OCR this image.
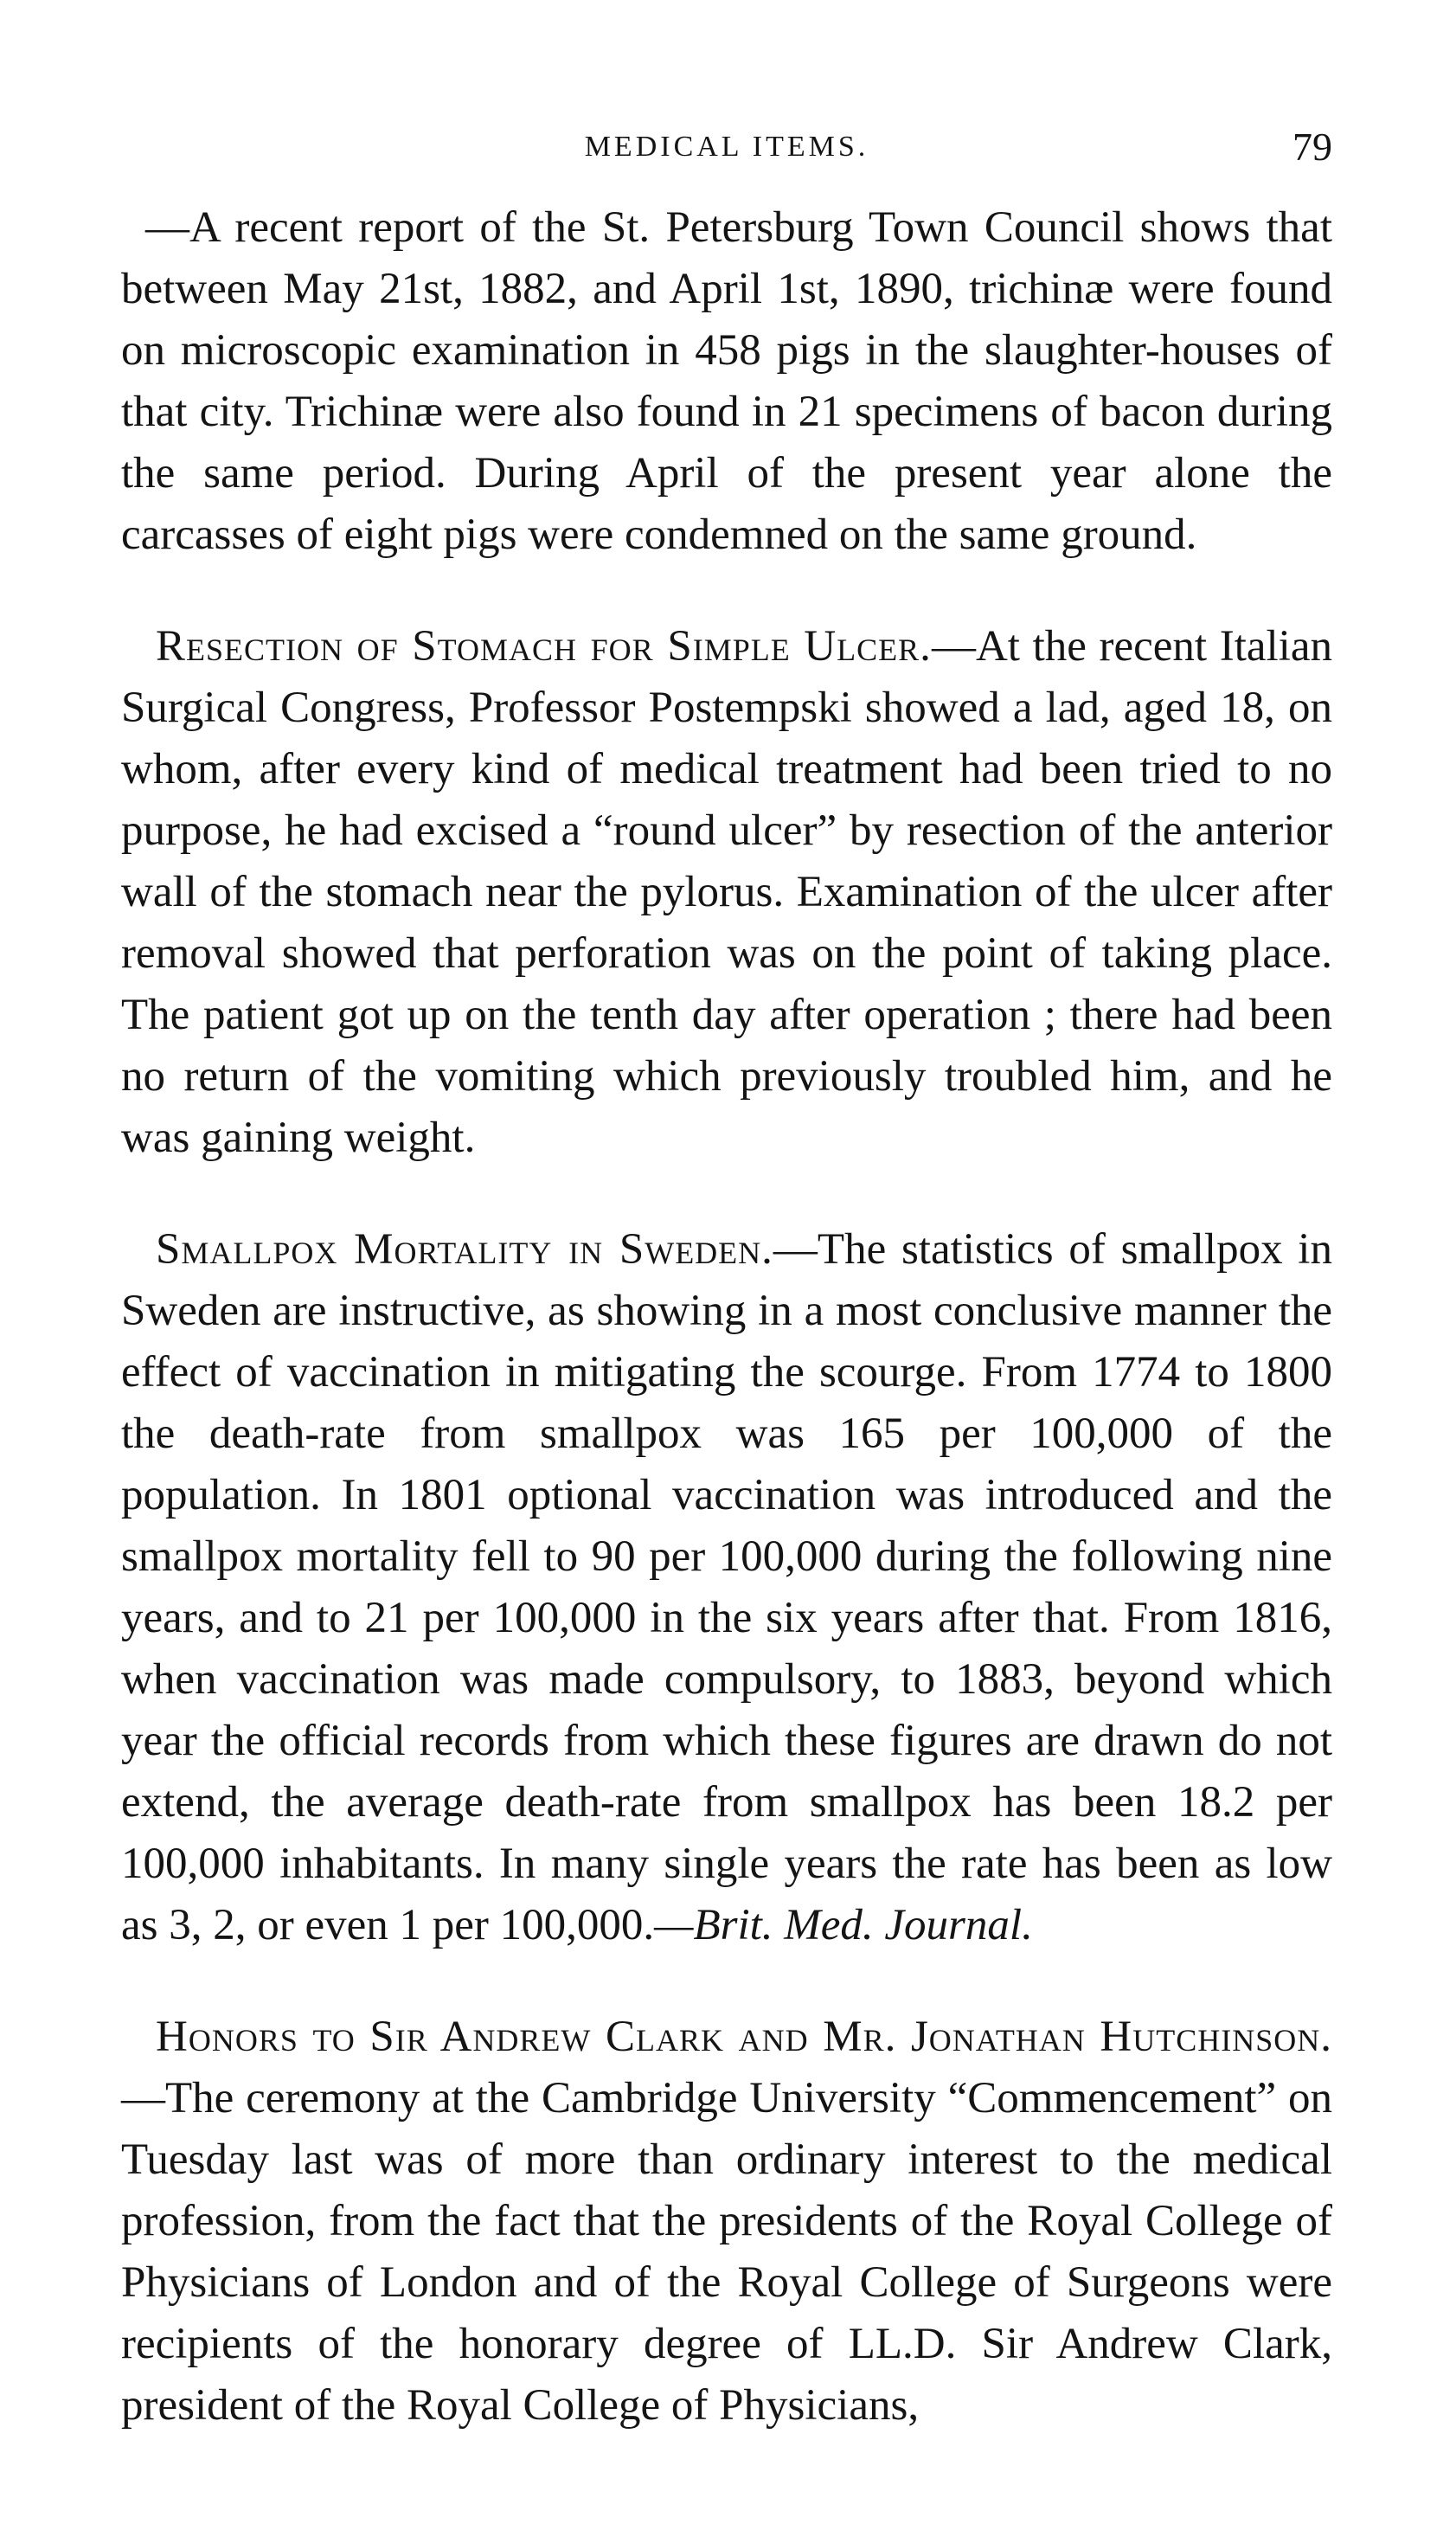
MEDICAL ITEMS.	79

—A recent report of the St. Petersburg Town Council shows that between May 21st, 1882, and April 1st, 1890, trichinæ were found on microscopic examination in 458 pigs in the slaughter-houses of that city. Trichinæ were also found in 21 specimens of bacon during the same period. During April of the present year alone the carcasses of eight pigs were condemned on the same ground.

Resection of Stomach for Simple Ulcer.—At the recent Italian Surgical Congress, Professor Postempski showed a lad, aged 18, on whom, after every kind of medical treatment had been tried to no purpose, he had excised a “round ulcer” by resection of the anterior wall of the stomach near the pylorus. Examination of the ulcer after removal showed that perforation was on the point of taking place. The patient got up on the tenth day after operation ; there had been no return of the vomiting which previously troubled him, and he was gaining weight.

Smallpox Mortality in Sweden.—The statistics of smallpox in Sweden are instructive, as showing in a most conclusive manner the effect of vaccination in mitigating the scourge. From 1774 to 1800 the death-rate from smallpox was 165 per 100,000 of the population. In 1801 optional vaccination was introduced and the smallpox mortality fell to 90 per 100,000 during the following nine years, and to 21 per 100,000 in the six years after that. From 1816, when vaccination was made compulsory, to 1883, beyond which year the official records from which these figures are drawn do not extend, the average death-rate from smallpox has been 18.2 per 100,000 inhabitants. In many single years the rate has been as low as 3, 2, or even 1 per 100,000.—Brit. Med. Journal.

Honors to Sir Andrew Clark and Mr. Jonathan Hutchinson.—The ceremony at the Cambridge University “Commencement” on Tuesday last was of more than ordinary interest to the medical profession, from the fact that the presidents of the Royal College of Physicians of London and of the Royal College of Surgeons were recipients of the honorary degree of LL.D. Sir Andrew Clark, president of the Royal College of Physicians,
